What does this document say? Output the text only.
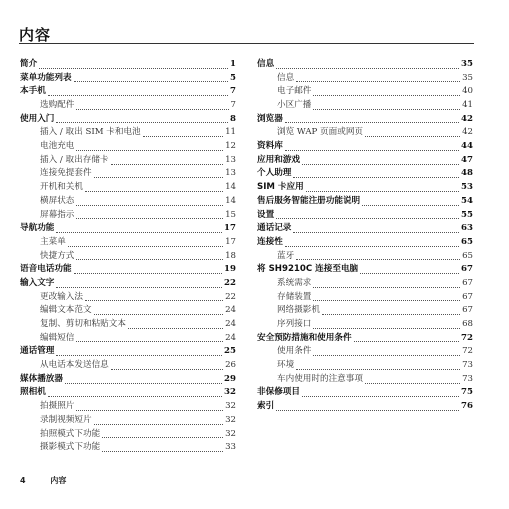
内容
简介	1
菜单功能列表	5
本手机	7
选购配件	7
使用入门	8
插入 / 取出 SIM 卡和电池	11
电池充电	12
插入 / 取出存储卡	13
连接免提套件	13
开机和关机	14
横屏状态	14
屏幕指示	15
导航功能	17
主菜单	17
快捷方式	18
语音电话功能	19
输入文字	22
更改输入法	22
编辑文本范文	24
复制、剪切和粘贴文本	24
编辑短信	24
通话管理	25
从电话本发送信息	26
媒体播放器	29
照相机	32
拍摄照片	32
录制视频短片	32
拍照模式下功能	32
摄影模式下功能	33
信息	35
信息	35
电子邮件	40
小区广播	41
浏览器	42
浏览 WAP 页面或网页	42
资料库	44
应用和游戏	47
个人助理	48
SIM 卡应用	53
售后服务智能注册功能说明	54
设置	55
通话记录	63
连接性	65
蓝牙	65
将 SH9210C 连接至电脑	67
系统需求	67
存储装置	67
网络摄影机	67
序列接口	68
安全预防措施和使用条件	72
使用条件	72
环境	73
车内使用时的注意事项	73
非保修项目	75
索引	76
4	内容
